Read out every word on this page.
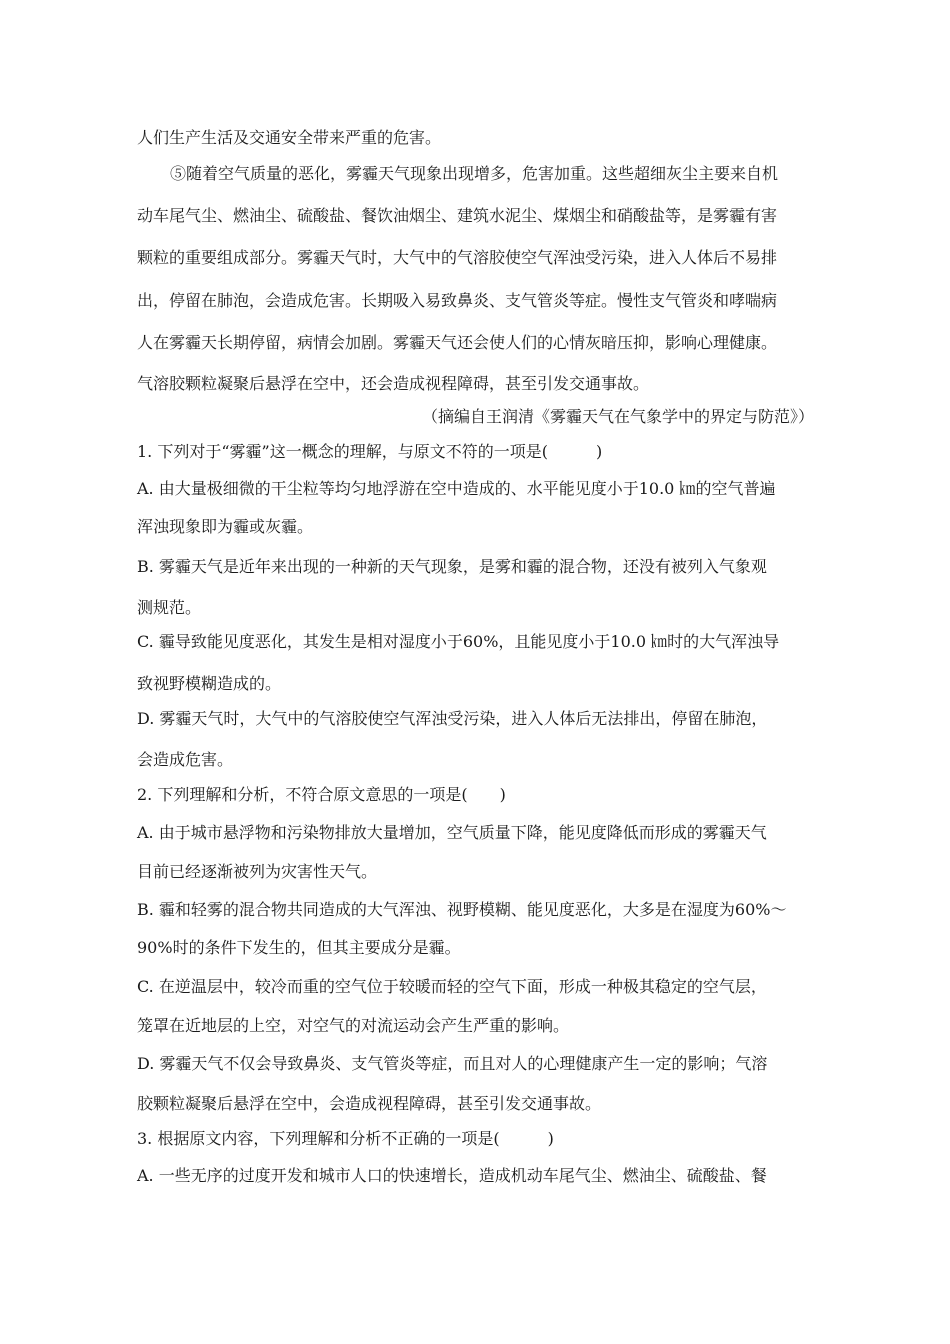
人们生产生活及交通安全带来严重的危害。
⑤随着空气质量的恶化，雾霾天气现象出现增多，危害加重。这些超细灰尘主要来自机
动车尾气尘、燃油尘、硫酸盐、餐饮油烟尘、建筑水泥尘、煤烟尘和硝酸盐等，是雾霾有害
颗粒的重要组成部分。雾霾天气时，大气中的气溶胶使空气浑浊受污染，进入人体后不易排
出，停留在肺泡，会造成危害。长期吸入易致鼻炎、支气管炎等症。慢性支气管炎和哮喘病
人在雾霾天长期停留，病情会加剧。雾霾天气还会使人们的心情灰暗压抑，影响心理健康。
气溶胶颗粒凝聚后悬浮在空中，还会造成视程障碍，甚至引发交通事故。
（摘编自王润清《雾霾天气在气象学中的界定与防范》）
1. 下列对于“雾霾”这一概念的理解，与原文不符的一项是(　　　)
A. 由大量极细微的干尘粒等均匀地浮游在空中造成的、水平能见度小于10.0 ㎞的空气普遍
浑浊现象即为霾或灰霾。
B. 雾霾天气是近年来出现的一种新的天气现象，是雾和霾的混合物，还没有被列入气象观
测规范。
C. 霾导致能见度恶化，其发生是相对湿度小于60%，且能见度小于10.0 ㎞时的大气浑浊导
致视野模糊造成的。
D. 雾霾天气时，大气中的气溶胶使空气浑浊受污染，进入人体后无法排出，停留在肺泡，
会造成危害。
2. 下列理解和分析，不符合原文意思的一项是(　　)
A. 由于城市悬浮物和污染物排放大量增加，空气质量下降，能见度降低而形成的雾霾天气
目前已经逐渐被列为灾害性天气。
B. 霾和轻雾的混合物共同造成的大气浑浊、视野模糊、能见度恶化，大多是在湿度为60%～
90%时的条件下发生的，但其主要成分是霾。
C. 在逆温层中，较冷而重的空气位于较暖而轻的空气下面，形成一种极其稳定的空气层，
笼罩在近地层的上空，对空气的对流运动会产生严重的影响。
D. 雾霾天气不仅会导致鼻炎、支气管炎等症，而且对人的心理健康产生一定的影响；气溶
胶颗粒凝聚后悬浮在空中，会造成视程障碍，甚至引发交通事故。
3. 根据原文内容，下列理解和分析不正确的一项是(　　　)
A. 一些无序的过度开发和城市人口的快速增长，造成机动车尾气尘、燃油尘、硫酸盐、餐
